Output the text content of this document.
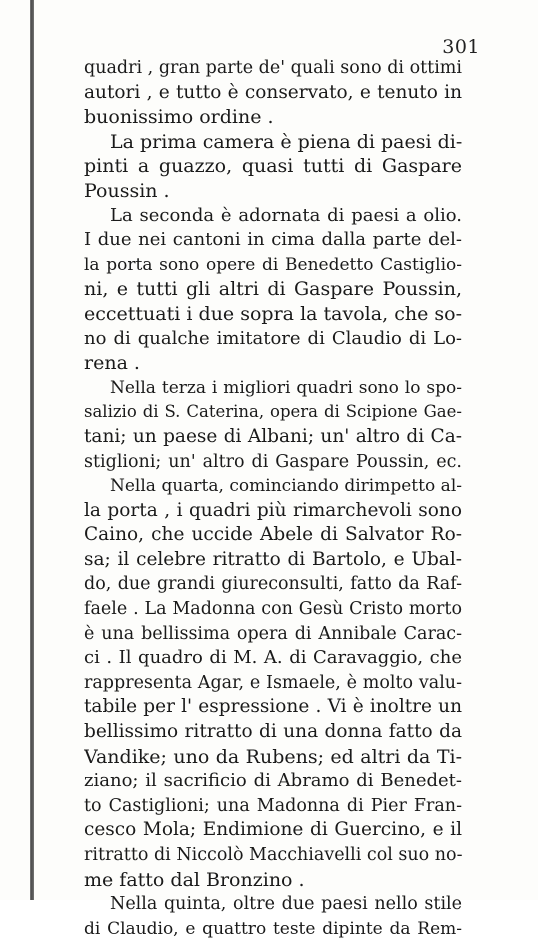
301
quadri , gran parte de' quali sono di ottimi
autori , e tutto è conservato, e tenuto in
buonissimo ordine .
La prima camera è piena di paesi di-
pinti a guazzo, quasi tutti di Gaspare
Poussin .
La seconda è adornata di paesi a olio.
I due nei cantoni in cima dalla parte del-
la porta sono opere di Benedetto Castiglio-
ni, e tutti gli altri di Gaspare Poussin,
eccettuati i due sopra la tavola, che so-
no di qualche imitatore di Claudio di Lo-
rena .
Nella terza i migliori quadri sono lo spo-
salizio di S. Caterina, opera di Scipione Gae-
tani; un paese di Albani; un' altro di Ca-
stiglioni; un' altro di Gaspare Poussin, ec.
Nella quarta, cominciando dirimpetto al-
la porta , i quadri più rimarchevoli sono
Caino, che uccide Abele di Salvator Ro-
sa; il celebre ritratto di Bartolo, e Ubal-
do, due grandi giureconsulti, fatto da Raf-
faele . La Madonna con Gesù Cristo morto
è una bellissima opera di Annibale Carac-
ci . Il quadro di M. A. di Caravaggio, che
rappresenta Agar, e Ismaele, è molto valu-
tabile per l' espressione . Vi è inoltre un
bellissimo ritratto di una donna fatto da
Vandike; uno da Rubens; ed altri da Ti-
ziano; il sacrificio di Abramo di Benedet-
to Castiglioni; una Madonna di Pier Fran-
cesco Mola; Endimione di Guercino, e il
ritratto di Niccolò Macchiavelli col suo no-
me fatto dal Bronzino .
Nella quinta, oltre due paesi nello stile
di Claudio, e quattro teste dipinte da Rem-
